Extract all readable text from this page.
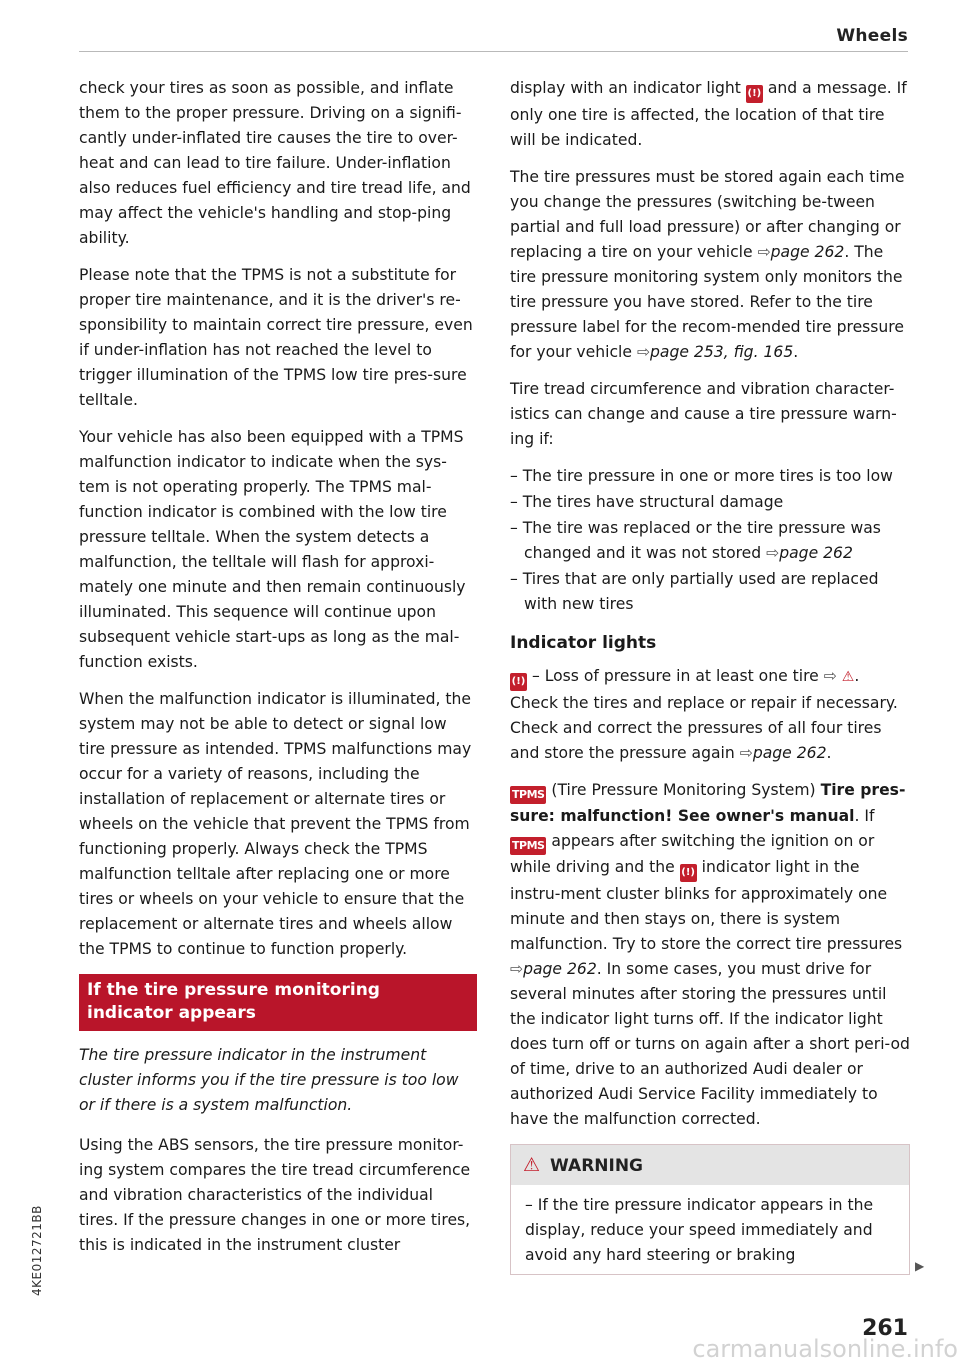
Wheels

check your tires as soon as possible, and inflate them to the proper pressure. Driving on a signifi-cantly under-inflated tire causes the tire to over-heat and can lead to tire failure. Under-inflation also reduces fuel efficiency and tire tread life, and may affect the vehicle's handling and stop-ping ability.

Please note that the TPMS is not a substitute for proper tire maintenance, and it is the driver's re-sponsibility to maintain correct tire pressure, even if under-inflation has not reached the level to trigger illumination of the TPMS low tire pres-sure telltale.

Your vehicle has also been equipped with a TPMS malfunction indicator to indicate when the sys-tem is not operating properly. The TPMS mal-function indicator is combined with the low tire pressure telltale. When the system detects a malfunction, the telltale will flash for approxi-mately one minute and then remain continuously illuminated. This sequence will continue upon subsequent vehicle start-ups as long as the mal-function exists.

When the malfunction indicator is illuminated, the system may not be able to detect or signal low tire pressure as intended. TPMS malfunctions may occur for a variety of reasons, including the installation of replacement or alternate tires or wheels on the vehicle that prevent the TPMS from functioning properly. Always check the TPMS malfunction telltale after replacing one or more tires or wheels on your vehicle to ensure that the replacement or alternate tires and wheels allow the TPMS to continue to function properly.

If the tire pressure monitoring indicator appears

The tire pressure indicator in the instrument cluster informs you if the tire pressure is too low or if there is a system malfunction.

Using the ABS sensors, the tire pressure monitor-ing system compares the tire tread circumference and vibration characteristics of the individual tires. If the pressure changes in one or more tires, this is indicated in the instrument cluster

display with an indicator light (!) and a message. If only one tire is affected, the location of that tire will be indicated.

The tire pressures must be stored again each time you change the pressures (switching be-tween partial and full load pressure) or after changing or replacing a tire on your vehicle ⇨page 262. The tire pressure monitoring system only monitors the tire pressure you have stored. Refer to the tire pressure label for the recom-mended tire pressure for your vehicle ⇨page 253, fig. 165.

Tire tread circumference and vibration character-istics can change and cause a tire pressure warn-ing if:

– The tire pressure in one or more tires is too low
– The tires have structural damage
– The tire was replaced or the tire pressure was changed and it was not stored ⇨page 262
– Tires that are only partially used are replaced with new tires
Indicator lights

(!) – Loss of pressure in at least one tire ⇨ ⚠. Check the tires and replace or repair if necessary. Check and correct the pressures of all four tires and store the pressure again ⇨page 262.

TPMS (Tire Pressure Monitoring System) Tire pres-sure: malfunction! See owner's manual. If TPMS appears after switching the ignition on or while driving and the (!) indicator light in the instru-ment cluster blinks for approximately one minute and then stays on, there is system malfunction. Try to store the correct tire pressures ⇨page 262. In some cases, you must drive for several minutes after storing the pressures until the indicator light turns off. If the indicator light does turn off or turns on again after a short peri-od of time, drive to an authorized Audi dealer or authorized Audi Service Facility immediately to have the malfunction corrected.

⚠ WARNING
– If the tire pressure indicator appears in the display, reduce your speed immediately and avoid any hard steering or braking
▶
261
4KE012721BB
carmanualsonline.info
